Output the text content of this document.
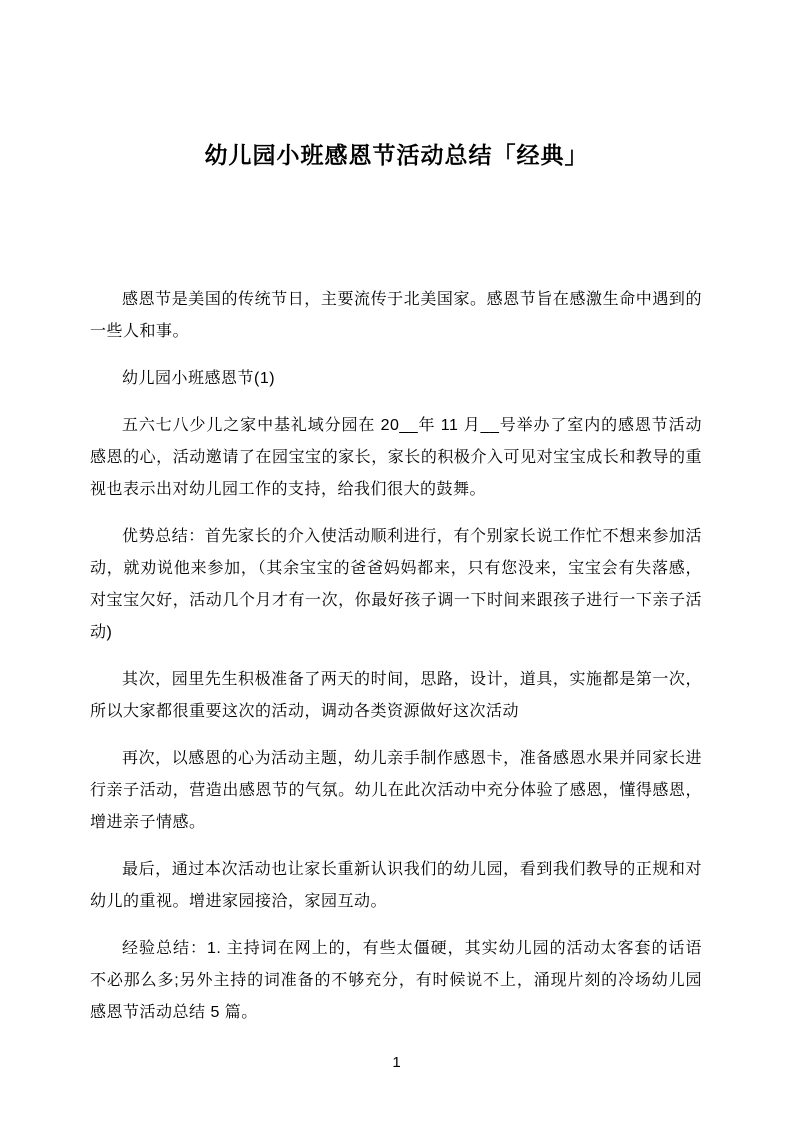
幼儿园小班感恩节活动总结「经典」

感恩节是美国的传统节日，主要流传于北美国家。感恩节旨在感激生命中遇到的一些人和事。

幼儿园小班感恩节(1)

五六七八少儿之家中基礼域分园在 20__年 11 月__号举办了室内的感恩节活动感恩的心，活动邀请了在园宝宝的家长，家长的积极介入可见对宝宝成长和教导的重视也表示出对幼儿园工作的支持，给我们很大的鼓舞。

优势总结：首先家长的介入使活动顺利进行，有个别家长说工作忙不想来参加活动，就劝说他来参加，（其余宝宝的爸爸妈妈都来，只有您没来，宝宝会有失落感，对宝宝欠好，活动几个月才有一次，你最好孩子调一下时间来跟孩子进行一下亲子活动)

其次，园里先生积极准备了两天的时间，思路，设计，道具，实施都是第一次，所以大家都很重要这次的活动，调动各类资源做好这次活动

再次，以感恩的心为活动主题，幼儿亲手制作感恩卡，准备感恩水果并同家长进行亲子活动，营造出感恩节的气氛。幼儿在此次活动中充分体验了感恩，懂得感恩，增进亲子情感。

最后，通过本次活动也让家长重新认识我们的幼儿园，看到我们教导的正规和对幼儿的重视。增进家园接洽，家园互动。

经验总结：1. 主持词在网上的，有些太僵硬，其实幼儿园的活动太客套的话语不必那么多;另外主持的词准备的不够充分，有时候说不上，涌现片刻的冷场幼儿园感恩节活动总结 5 篇。

1
